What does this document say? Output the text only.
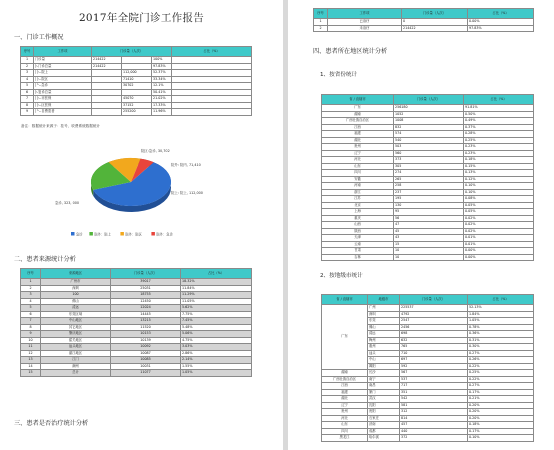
2017年全院门诊工作报告
一、门诊工作概况
序号	工作项	门诊量（人次）			占比（%）
1	门诊量	214422		100%	
2	├-门诊总量	214422		97.83%	
3	│├--院上		112,000	52.37%	
4	│├--院区		71410	33.34%	
5	│└--急诊		30702	12.1%	
6	├-复诊总量			50.41%	
7	│├--市医保		45070	21.02%	
8	│├--区医保		37152	17.33%	
9	│└--自费患者		255200	11.96%	
备注：数据统计来源于：挂号、收费系统数据统计
急诊, 323, 000
院外: 院内, 71,410
院上: 院上, 112,000
院区:急诊, 30,702
急诊	院外：院上	院外：院区	院外：急诊
二、患者来源统计分析
序号	来源地区	门诊量（人次）	占比（%）
1	广州市	39017	18.32%
2	深圳	25031	11.84%
3	100	18755	11.29%
4	佛山	12450	11.05%
5	清远	12024	5.62%
6	东莞区域	14445	7.75%
7	中山地区	13215	7.45%
8	其它地区	11520	5.48%
9	肇庆地区	10153	5.06%
10	韶关地区	10139	4.75%
11	汕头地区	10092	3.03%
12	湛江地区	10087	2.86%
13	江门	10085	2.14%
14	潮州	10031	1.55%
15	总计	11077	1.05%
三、患者是否治疗统计分析
序号	工作项	门诊量（人次）	占比（%）
1	已治疗	0	0.00%
2	未治疗	214422	97.83%
四、患者所在地区统计分析
1、按省份统计
省 / 直辖市	门诊量（人次）	占比（%）
广东	256180	91.81%
湖南	1052	0.50%
广西壮族自治区	1008	0.49%
江西	832	0.37%
福建	574	0.28%
湖北	540	0.25%
贵州	503	0.23%
辽宁	560	0.23%
河北	373	0.18%
山东	305	0.15%
四川	274	0.13%
安徽	265	0.12%
河南	258	0.10%
浙江	237	0.10%
江苏	195	0.08%
北京	130	0.05%
上海	95	0.05%
重庆	56	0.02%
山西	47	0.02%
陕西	45	0.02%
天津	43	0.01%
云南	15	0.01%
甘肃	10	0.00%
吉林	10	0.00%
2、按地级市统计
省 / 直辖市	地级市	门诊量（人次）	占比（%）
广东	广州	225537	52.13%
	深圳	4792	1.84%
	东莞	2547	1.05%
	佛山	2456	0.78%
	清远	698	0.36%
	梅州	632	0.31%
	惠州	765	0.30%
	汕头	710	0.27%
	中山	697	0.26%
	揭阳	592	0.22%
湖南	长沙	567	0.25%
广西壮族自治区	南宁	537	0.22%
江西	南昌	717	0.27%
福建	厦门	351	0.17%
湖北	武汉	542	0.21%
辽宁	沈阳	581	0.20%
贵州	贵阳	312	0.20%
河北	石家庄	814	0.20%
山东	济南	457	0.18%
四川	成都	440	0.17%
黑龙江	哈尔滨	372	0.10%
